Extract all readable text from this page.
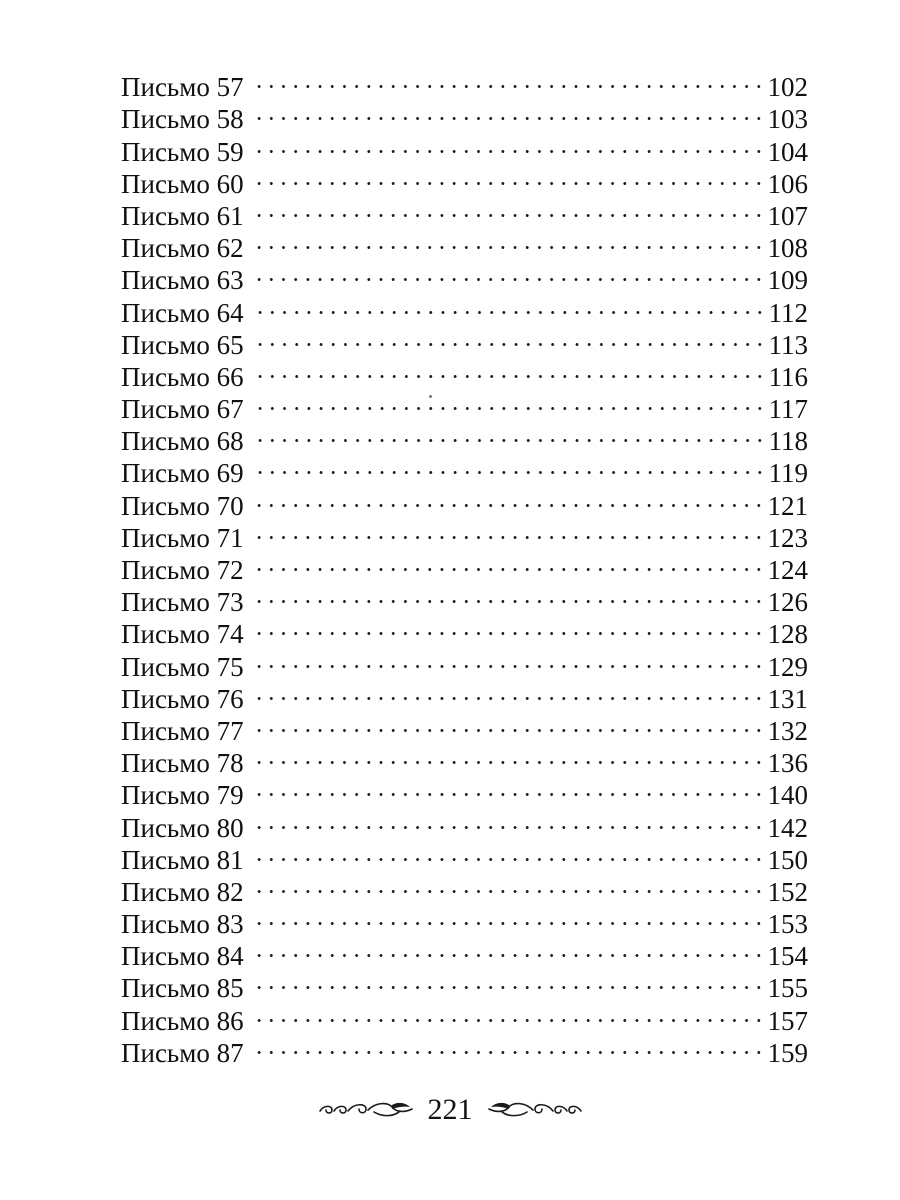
Письмо 57	102
Письмо 58	103
Письмо 59	104
Письмо 60	106
Письмо 61	107
Письмо 62	108
Письмо 63	109
Письмо 64	112
Письмо 65	113
Письмо 66	116
Письмо 67	117
Письмо 68	118
Письмо 69	119
Письмо 70	121
Письмо 71	123
Письмо 72	124
Письмо 73	126
Письмо 74	128
Письмо 75	129
Письмо 76	131
Письмо 77	132
Письмо 78	136
Письмо 79	140
Письмо 80	142
Письмо 81	150
Письмо 82	152
Письмо 83	153
Письмо 84	154
Письмо 85	155
Письмо 86	157
Письмо 87	159
221
